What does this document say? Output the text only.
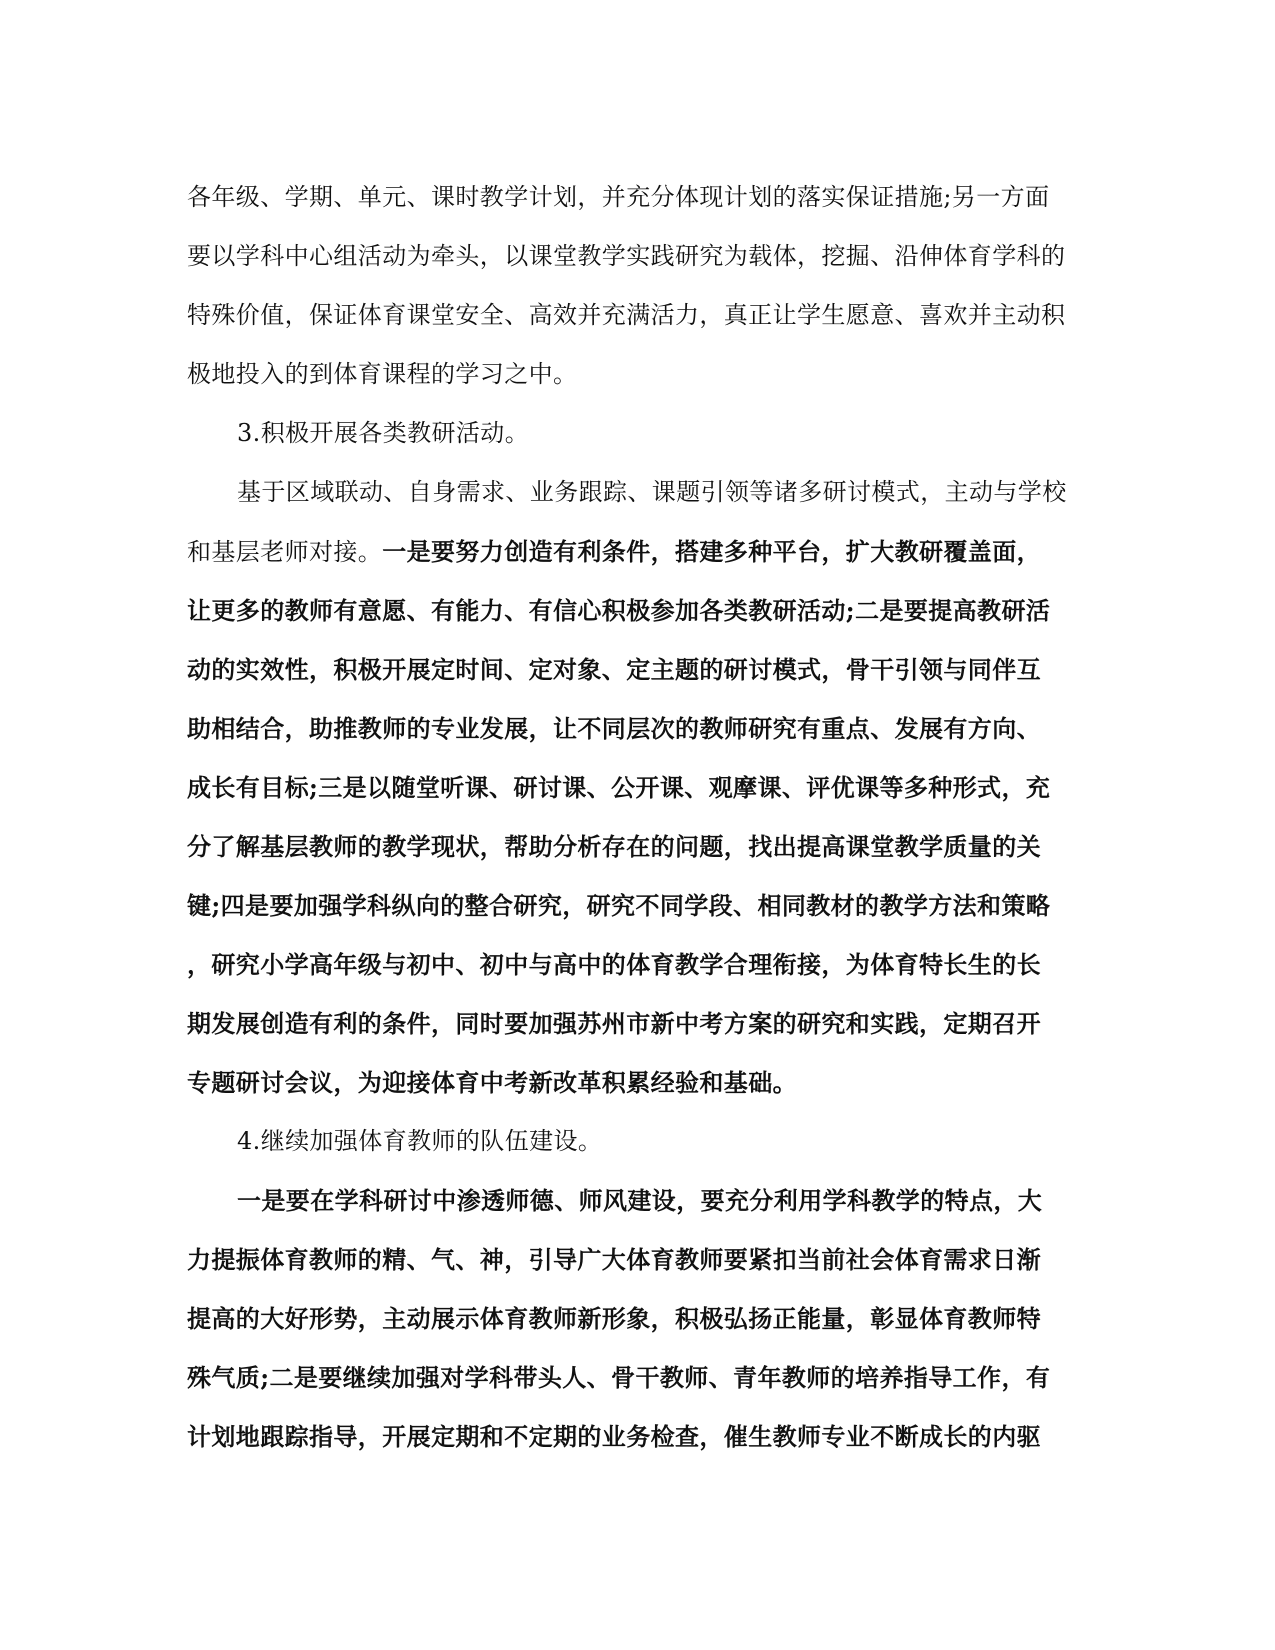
各年级、学期、单元、课时教学计划，并充分体现计划的落实保证措施;另一方面
要以学科中心组活动为牵头，以课堂教学实践研究为载体，挖掘、沿伸体育学科的
特殊价值，保证体育课堂安全、高效并充满活力，真正让学生愿意、喜欢并主动积
极地投入的到体育课程的学习之中。
3.积极开展各类教研活动。
基于区域联动、自身需求、业务跟踪、课题引领等诸多研讨模式，主动与学校
和基层老师对接。一是要努力创造有利条件，搭建多种平台，扩大教研覆盖面，
让更多的教师有意愿、有能力、有信心积极参加各类教研活动;二是要提高教研活
动的实效性，积极开展定时间、定对象、定主题的研讨模式，骨干引领与同伴互
助相结合，助推教师的专业发展，让不同层次的教师研究有重点、发展有方向、
成长有目标;三是以随堂听课、研讨课、公开课、观摩课、评优课等多种形式，充
分了解基层教师的教学现状，帮助分析存在的问题，找出提高课堂教学质量的关
键;四是要加强学科纵向的整合研究，研究不同学段、相同教材的教学方法和策略
，研究小学高年级与初中、初中与高中的体育教学合理衔接，为体育特长生的长
期发展创造有利的条件，同时要加强苏州市新中考方案的研究和实践，定期召开
专题研讨会议，为迎接体育中考新改革积累经验和基础。
4.继续加强体育教师的队伍建设。
一是要在学科研讨中渗透师德、师风建设，要充分利用学科教学的特点，大
力提振体育教师的精、气、神，引导广大体育教师要紧扣当前社会体育需求日渐
提高的大好形势，主动展示体育教师新形象，积极弘扬正能量，彰显体育教师特
殊气质;二是要继续加强对学科带头人、骨干教师、青年教师的培养指导工作，有
计划地跟踪指导，开展定期和不定期的业务检查，催生教师专业不断成长的内驱
